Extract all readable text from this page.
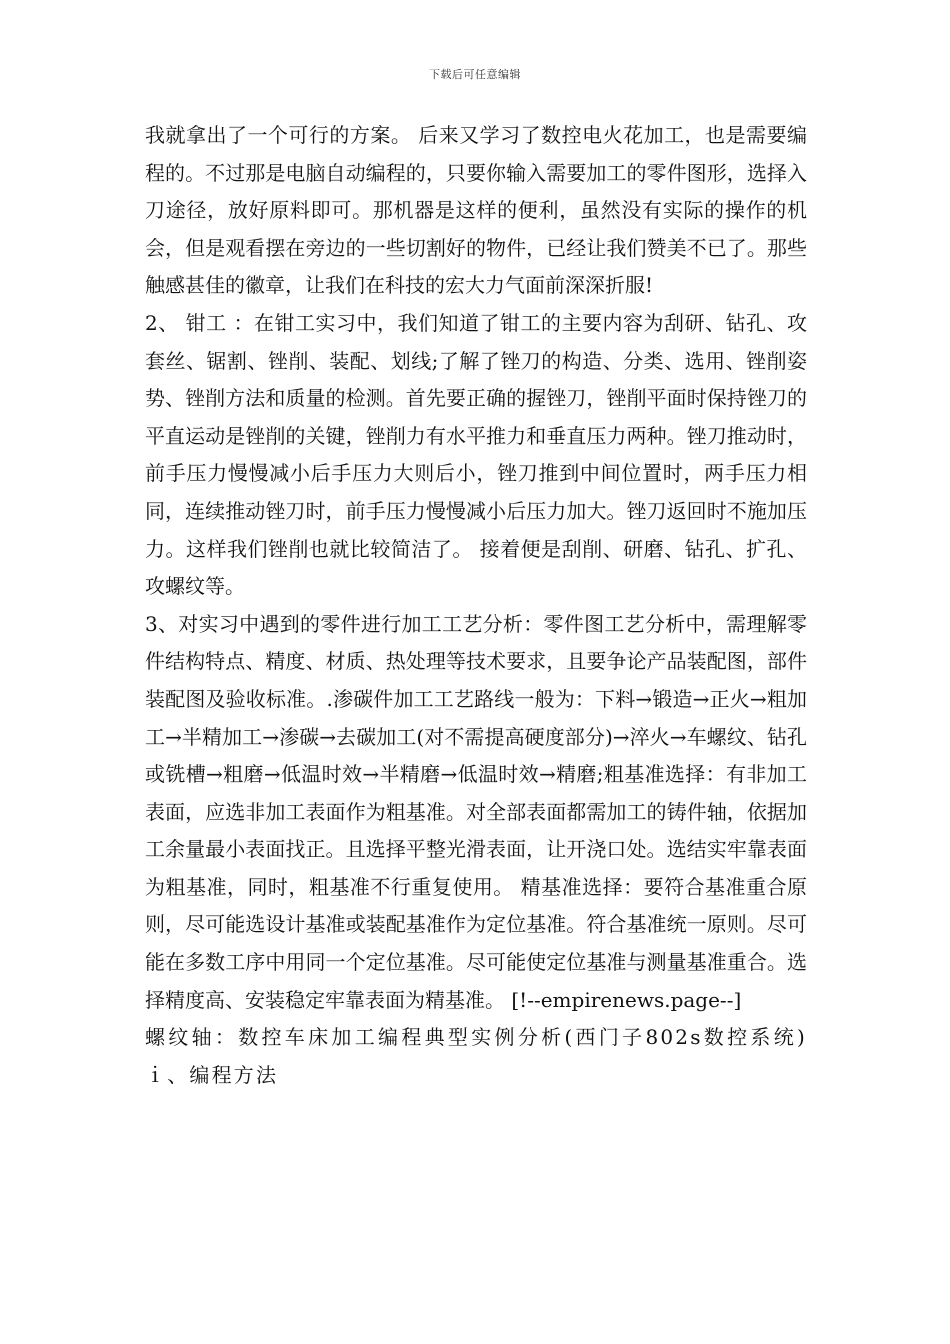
下载后可任意编辑

我就拿出了一个可行的方案。 后来又学习了数控电火花加工，也是需要编程的。不过那是电脑自动编程的，只要你输入需要加工的零件图形，选择入刀途径，放好原料即可。那机器是这样的便利，虽然没有实际的操作的机会，但是观看摆在旁边的一些切割好的物件，已经让我们赞美不已了。那些触感甚佳的徽章，让我们在科技的宏大力气面前深深折服!

2、 钳工 ：在钳工实习中，我们知道了钳工的主要内容为刮研、钻孔、攻套丝、锯割、锉削、装配、划线;了解了锉刀的构造、分类、选用、锉削姿势、锉削方法和质量的检测。首先要正确的握锉刀，锉削平面时保持锉刀的平直运动是锉削的关键，锉削力有水平推力和垂直压力两种。锉刀推动时，前手压力慢慢减小后手压力大则后小，锉刀推到中间位置时，两手压力相同，连续推动锉刀时，前手压力慢慢减小后压力加大。锉刀返回时不施加压力。这样我们锉削也就比较简洁了。 接着便是刮削、研磨、钻孔、扩孔、攻螺纹等。

3、对实习中遇到的零件进行加工工艺分析：零件图工艺分析中，需理解零件结构特点、精度、材质、热处理等技术要求，且要争论产品装配图，部件装配图及验收标准。.渗碳件加工工艺路线一般为：下料→锻造→正火→粗加工→半精加工→渗碳→去碳加工(对不需提高硬度部分)→淬火→车螺纹、钻孔或铣槽→粗磨→低温时效→半精磨→低温时效→精磨;粗基准选择：有非加工表面，应选非加工表面作为粗基准。对全部表面都需加工的铸件轴，依据加工余量最小表面找正。且选择平整光滑表面，让开浇口处。选结实牢靠表面为粗基准，同时，粗基准不行重复使用。 精基准选择：要符合基准重合原则，尽可能选设计基准或装配基准作为定位基准。符合基准统一原则。尽可能在多数工序中用同一个定位基准。尽可能使定位基准与测量基准重合。选择精度高、安装稳定牢靠表面为精基准。 [!--empirenews.page--]

螺纹轴：数控车床加工编程典型实例分析(西门子802s数控系统)ｉ、编程方法
